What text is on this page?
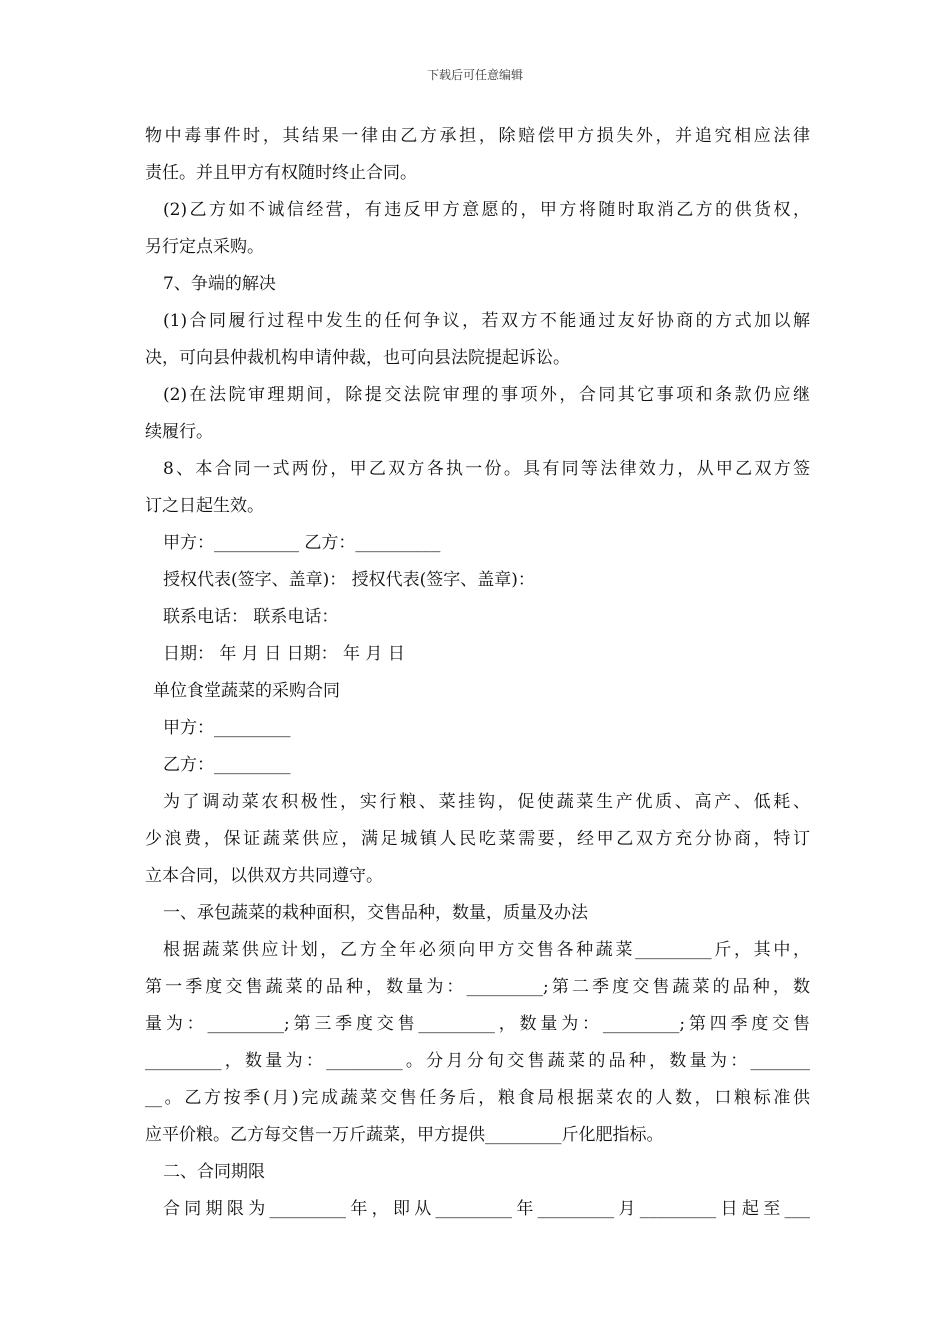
下载后可任意编辑
物中毒事件时，其结果一律由乙方承担，除赔偿甲方损失外，并追究相应法律
责任。并且甲方有权随时终止合同。
(2)乙方如不诚信经营，有违反甲方意愿的，甲方将随时取消乙方的供货权，
另行定点采购。
7、争端的解决
(1)合同履行过程中发生的任何争议，若双方不能通过友好协商的方式加以解
决，可向县仲裁机构申请仲裁，也可向县法院提起诉讼。
(2)在法院审理期间，除提交法院审理的事项外，合同其它事项和条款仍应继
续履行。
8、本合同一式两份，甲乙双方各执一份。具有同等法律效力，从甲乙双方签
订之日起生效。
甲方：__________ 乙方：__________
授权代表(签字、盖章)： 授权代表(签字、盖章)：
联系电话： 联系电话：
日期： 年 月 日 日期： 年 月 日
单位食堂蔬菜的采购合同
甲方：_________
乙方：_________
为了调动菜农积极性，实行粮、菜挂钩，促使蔬菜生产优质、高产、低耗、
少浪费，保证蔬菜供应，满足城镇人民吃菜需要，经甲乙双方充分协商，特订
立本合同，以供双方共同遵守。
一、承包蔬菜的栽种面积，交售品种，数量，质量及办法
根据蔬菜供应计划，乙方全年必须向甲方交售各种蔬菜_________斤，其中，
第一季度交售蔬菜的品种，数量为：_________;第二季度交售蔬菜的品种，数
量为：_________;第三季度交售_________，数量为：_________;第四季度交售
_________，数量为：_________。分月分旬交售蔬菜的品种，数量为：_______
__。乙方按季(月)完成蔬菜交售任务后，粮食局根据菜农的人数，口粮标准供
应平价粮。乙方每交售一万斤蔬菜，甲方提供_________斤化肥指标。
二、合同期限
合同期限为_________年，即从_________年_________月_________日起至___
